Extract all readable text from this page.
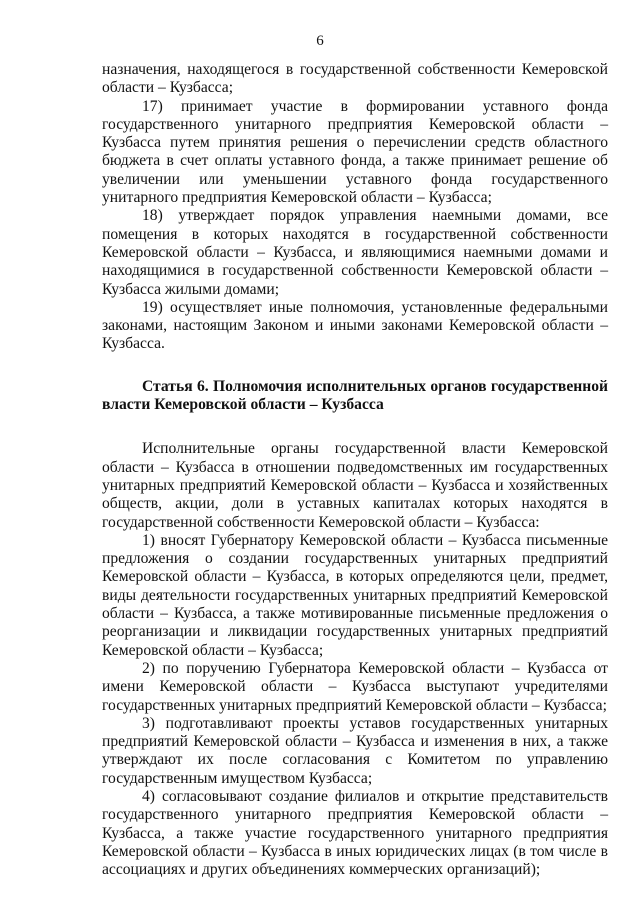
6

назначения, находящегося в государственной собственности Кемеровской области – Кузбасса;

17) принимает участие в формировании уставного фонда государственного унитарного предприятия Кемеровской области – Кузбасса путем принятия решения о перечислении средств областного бюджета в счет оплаты уставного фонда, а также принимает решение об увеличении или уменьшении уставного фонда государственного унитарного предприятия Кемеровской области – Кузбасса;

18) утверждает порядок управления наемными домами, все помещения в которых находятся в государственной собственности Кемеровской области – Кузбасса, и являющимися наемными домами и находящимися в государственной собственности Кемеровской области – Кузбасса жилыми домами;

19) осуществляет иные полномочия, установленные федеральными законами, настоящим Законом и иными законами Кемеровской области – Кузбасса.

Статья 6. Полномочия исполнительных органов государственной власти Кемеровской области – Кузбасса

Исполнительные органы государственной власти Кемеровской области – Кузбасса в отношении подведомственных им государственных унитарных предприятий Кемеровской области – Кузбасса и хозяйственных обществ, акции, доли в уставных капиталах которых находятся в государственной собственности Кемеровской области – Кузбасса:

1) вносят Губернатору Кемеровской области – Кузбасса письменные предложения о создании государственных унитарных предприятий Кемеровской области – Кузбасса, в которых определяются цели, предмет, виды деятельности государственных унитарных предприятий Кемеровской области – Кузбасса, а также мотивированные письменные предложения о реорганизации и ликвидации государственных унитарных предприятий Кемеровской области – Кузбасса;

2) по поручению Губернатора Кемеровской области – Кузбасса от имени Кемеровской области – Кузбасса выступают учредителями государственных унитарных предприятий Кемеровской области – Кузбасса;

3) подготавливают проекты уставов государственных унитарных предприятий Кемеровской области – Кузбасса и изменения в них, а также утверждают их после согласования с Комитетом по управлению государственным имуществом Кузбасса;

4) согласовывают создание филиалов и открытие представительств государственного унитарного предприятия Кемеровской области – Кузбасса, а также участие государственного унитарного предприятия Кемеровской области – Кузбасса в иных юридических лицах (в том числе в ассоциациях и других объединениях коммерческих организаций);
